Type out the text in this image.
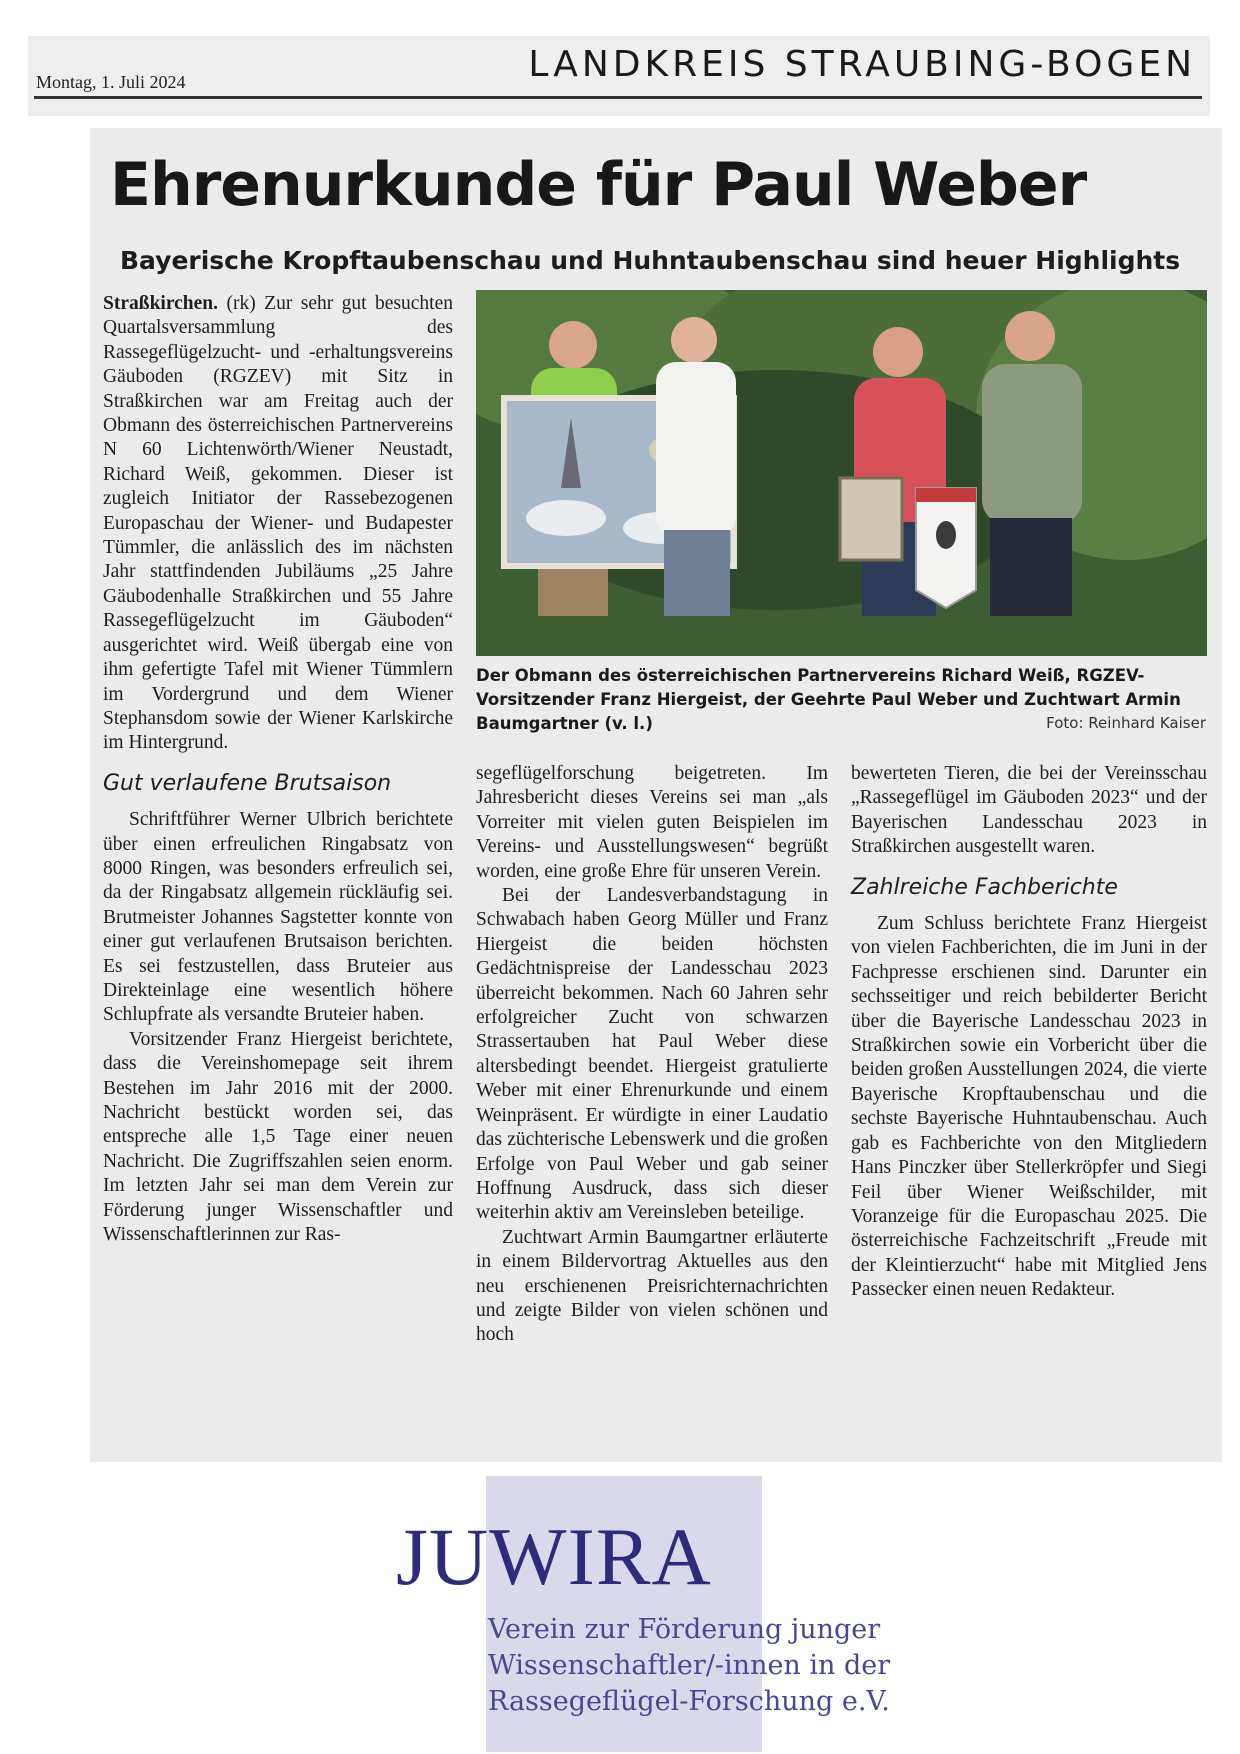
Montag, 1. Juli 2024	LANDKREIS STRAUBING-BOGEN
Ehrenurkunde für Paul Weber
Bayerische Kropftaubenschau und Huhntaubenschau sind heuer Highlights

Straßkirchen. (rk) Zur sehr gut besuchten Quartalsversammlung des Rassegeflügelzucht- und -erhaltungsvereins Gäuboden (RGZEV) mit Sitz in Straßkirchen war am Freitag auch der Obmann des österreichischen Partnervereins N 60 Lichtenwörth/Wiener Neustadt, Richard Weiß, gekommen. Dieser ist zugleich Initiator der Rassebezogenen Europaschau der Wiener- und Budapester Tümmler, die anlässlich des im nächsten Jahr stattfindenden Jubiläums „25 Jahre Gäubodenhalle Straßkirchen und 55 Jahre Rassegeflügelzucht im Gäuboden“ ausgerichtet wird. Weiß übergab eine von ihm gefertigte Tafel mit Wiener Tümmlern im Vordergrund und dem Wiener Stephansdom sowie der Wiener Karlskirche im Hintergrund.

Gut verlaufene Brutsaison

Schriftführer Werner Ulbrich berichtete über einen erfreulichen Ringabsatz von 8000 Ringen, was besonders erfreulich sei, da der Ringabsatz allgemein rückläufig sei. Brutmeister Johannes Sagstetter konnte von einer gut verlaufenen Brutsaison berichten. Es sei festzustellen, dass Bruteier aus Direkteinlage eine wesentlich höhere Schlupfrate als versandte Bruteier haben.

Vorsitzender Franz Hiergeist berichtete, dass die Vereinshomepage seit ihrem Bestehen im Jahr 2016 mit der 2000. Nachricht bestückt worden sei, das entspreche alle 1,5 Tage einer neuen Nachricht. Die Zugriffszahlen seien enorm. Im letzten Jahr sei man dem Verein zur Förderung junger Wissenschaftler und Wissenschaftlerinnen zur Ras-

Der Obmann des österreichischen Partnervereins Richard Weiß, RGZEV-Vorsitzender Franz Hiergeist, der Geehrte Paul Weber und Zuchtwart Armin Baumgartner (v. l.)	Foto: Reinhard Kaiser

segeflügelforschung beigetreten. Im Jahresbericht dieses Vereins sei man „als Vorreiter mit vielen guten Beispielen im Vereins- und Ausstellungswesen“ begrüßt worden, eine große Ehre für unseren Verein.

Bei der Landesverbandstagung in Schwabach haben Georg Müller und Franz Hiergeist die beiden höchsten Gedächtnispreise der Landesschau 2023 überreicht bekommen. Nach 60 Jahren sehr erfolgreicher Zucht von schwarzen Strassertauben hat Paul Weber diese altersbedingt beendet. Hiergeist gratulierte Weber mit einer Ehrenurkunde und einem Weinpräsent. Er würdigte in einer Laudatio das züchterische Lebenswerk und die großen Erfolge von Paul Weber und gab seiner Hoffnung Ausdruck, dass sich dieser weiterhin aktiv am Vereinsleben beteilige.

Zuchtwart Armin Baumgartner erläuterte in einem Bildervortrag Aktuelles aus den neu erschienenen Preisrichternachrichten und zeigte Bilder von vielen schönen und hoch

bewerteten Tieren, die bei der Vereinsschau „Rassegeflügel im Gäuboden 2023“ und der Bayerischen Landesschau 2023 in Straßkirchen ausgestellt waren.

Zahlreiche Fachberichte

Zum Schluss berichtete Franz Hiergeist von vielen Fachberichten, die im Juni in der Fachpresse erschienen sind. Darunter ein sechsseitiger und reich bebilderter Bericht über die Bayerische Landesschau 2023 in Straßkirchen sowie ein Vorbericht über die beiden großen Ausstellungen 2024, die vierte Bayerische Kropftaubenschau und die sechste Bayerische Huhntaubenschau. Auch gab es Fachberichte von den Mitgliedern Hans Pinczker über Stellerkröpfer und Siegi Feil über Wiener Weißschilder, mit Voranzeige für die Europaschau 2025. Die österreichische Fachzeitschrift „Freude mit der Kleintierzucht“ habe mit Mitglied Jens Passecker einen neuen Redakteur.

JUWIRA
Verein zur Förderung junger
Wissenschaftler/-innen in der
Rassegeflügel-Forschung e.V.
